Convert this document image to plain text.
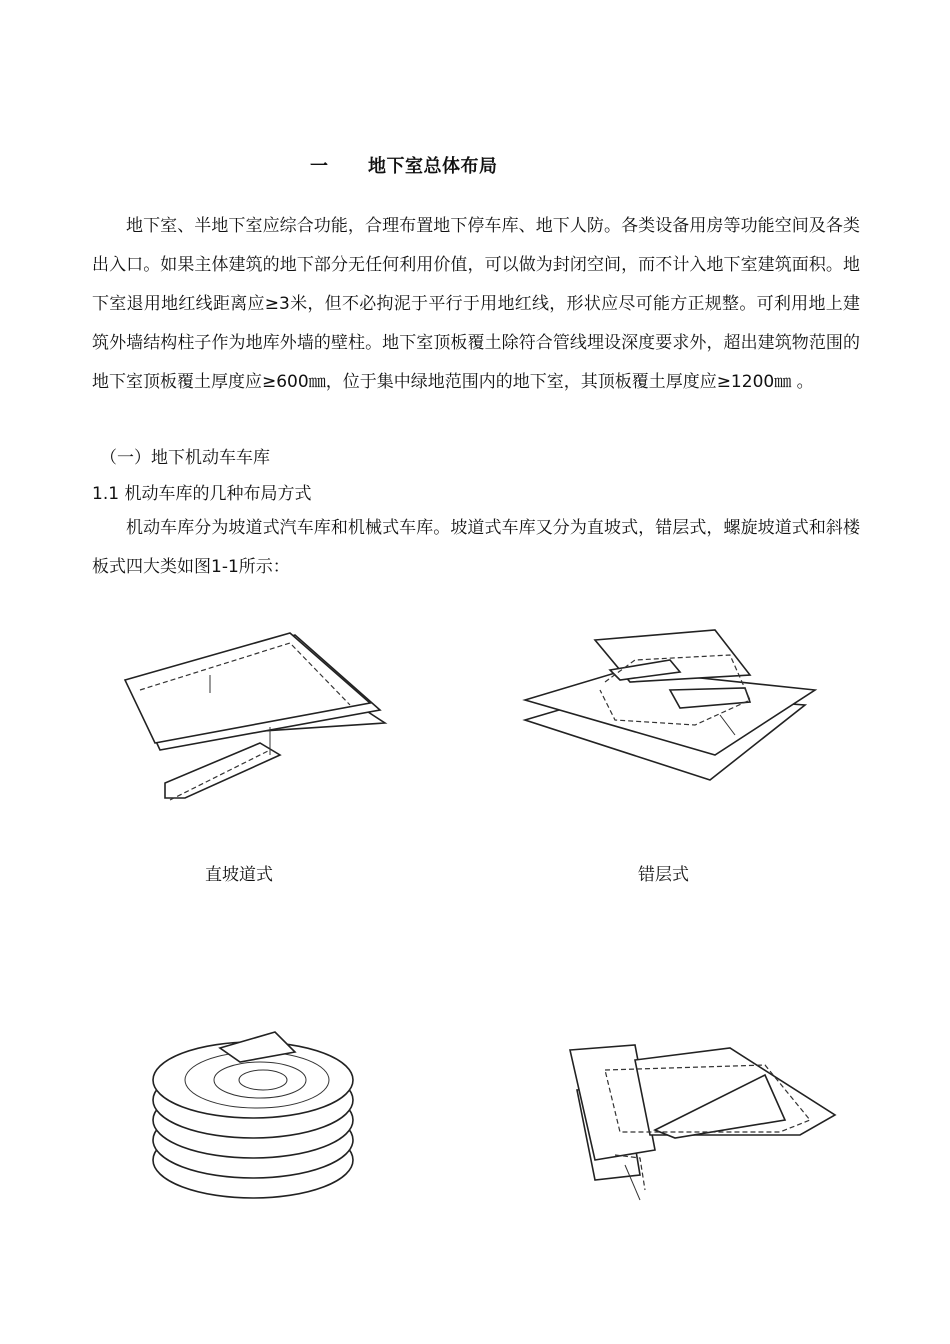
一 地下室总体布局

地下室、半地下室应综合功能，合理布置地下停车库、地下人防。各类设备用房等功能空间及各类出入口。如果主体建筑的地下部分无任何利用价值，可以做为封闭空间，而不计入地下室建筑面积。地下室退用地红线距离应≥3米，但不必拘泥于平行于用地红线，形状应尽可能方正规整。可利用地上建筑外墙结构柱子作为地库外墙的壁柱。地下室顶板覆土除符合管线埋设深度要求外，超出建筑物范围的地下室顶板覆土厚度应≥600㎜，位于集中绿地范围内的地下室，其顶板覆土厚度应≥1200㎜ 。

（一）地下机动车车库

1.1 机动车库的几种布局方式

机动车库分为坡道式汽车库和机械式车库。坡道式车库又分为直坡式，错层式，螺旋坡道式和斜楼板式四大类如图1-1所示：

直坡道式	错层式
